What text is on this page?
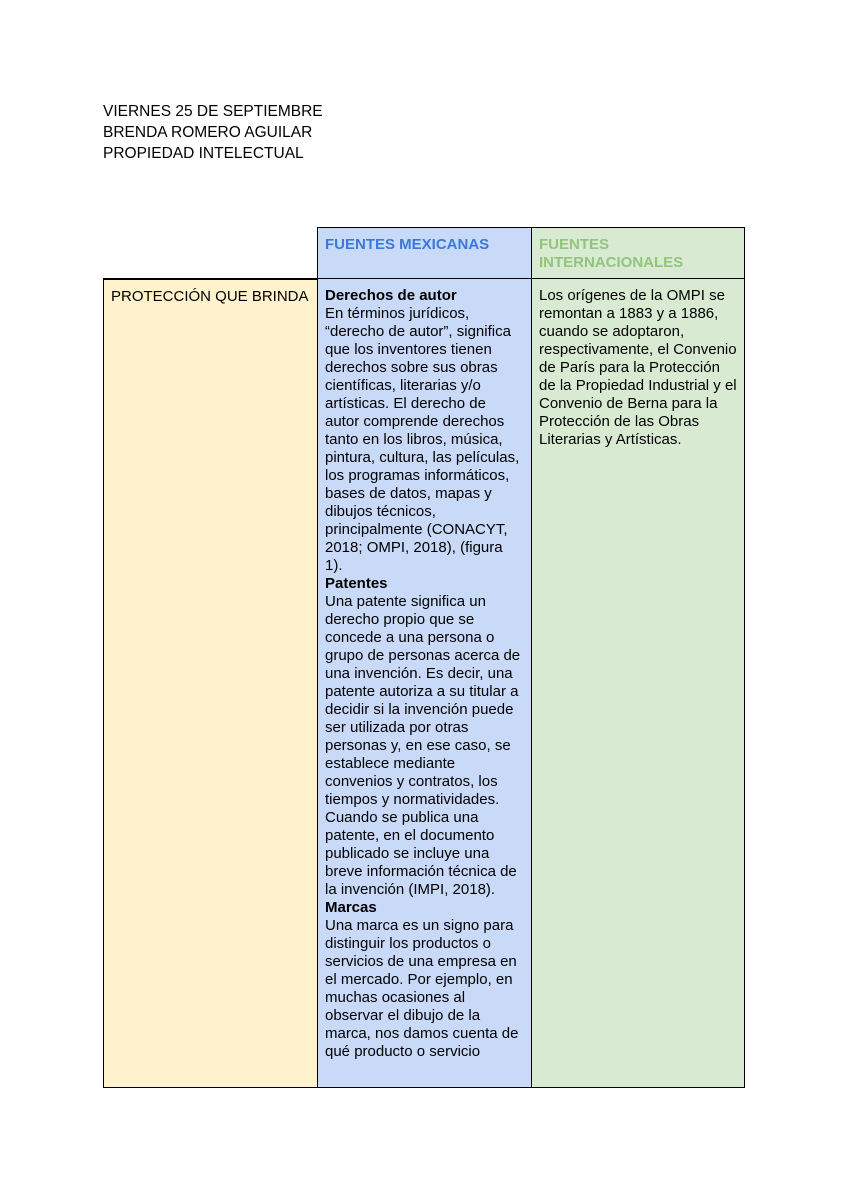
VIERNES 25 DE SEPTIEMBRE
BRENDA ROMERO AGUILAR
PROPIEDAD INTELECTUAL
FUENTES MEXICANAS	FUENTES INTERNACIONALES
PROTECCIÓN QUE BRINDA	Derechos de autor
En términos jurídicos, “derecho de autor”, significa que los inventores tienen derechos sobre sus obras científicas, literarias y/o artísticas. El derecho de autor comprende derechos tanto en los libros, música, pintura, cultura, las películas, los programas informáticos, bases de datos, mapas y dibujos técnicos, principalmente (CONACYT, 2018; OMPI, 2018), (figura 1).
Patentes
Una patente significa un derecho propio que se concede a una persona o grupo de personas acerca de una invención. Es decir, una patente autoriza a su titular a decidir si la invención puede ser utilizada por otras personas y, en ese caso, se establece mediante convenios y contratos, los tiempos y normatividades. Cuando se publica una patente, en el documento publicado se incluye una breve información técnica de la invención (IMPI, 2018).
Marcas
Una marca es un signo para distinguir los productos o servicios de una empresa en el mercado. Por ejemplo, en muchas ocasiones al observar el dibujo de la marca, nos damos cuenta de qué producto o servicio
Los orígenes de la OMPI se remontan a 1883 y a 1886, cuando se adoptaron, respectivamente, el Convenio de París para la Protección de la Propiedad Industrial y el Convenio de Berna para la Protección de las Obras Literarias y Artísticas.
